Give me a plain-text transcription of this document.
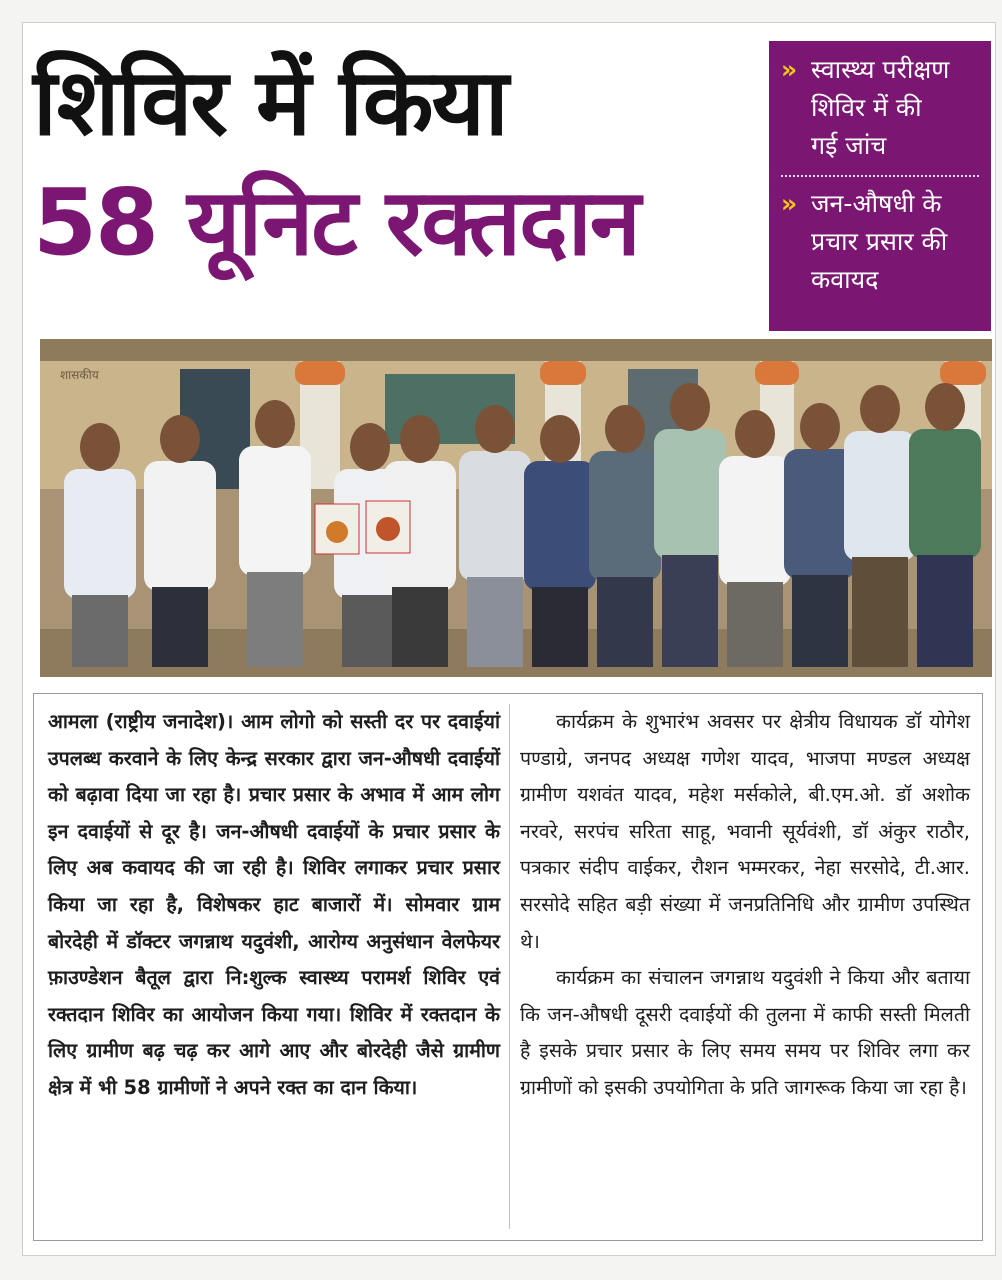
शिविर में किया
58 यूनिट रक्तदान
» स्वास्थ्य परीक्षण
शिविर में की
गई जांच
» जन-औषधी के
प्रचार प्रसार की
कवायद
शासकीय

आमला (राष्ट्रीय जनादेश)। आम लोगो को सस्ती दर पर दवाईयां उपलब्ध करवाने के लिए केन्द्र सरकार द्वारा जन-औषधी दवाईयों को बढ़ावा दिया जा रहा है। प्रचार प्रसार के अभाव में आम लोग इन दवाईयों से दूर है। जन-औषधी दवाईयों के प्रचार प्रसार के लिए अब कवायद की जा रही है। शिविर लगाकर प्रचार प्रसार किया जा रहा है, विशेषकर हाट बाजारों में। सोमवार ग्राम बोरदेही में डॉक्टर जगन्नाथ यदुवंशी, आरोग्य अनुसंधान वेलफेयर फ़ाउण्डेशन बैतूल द्वारा नि:शुल्क स्वास्थ्य परामर्श शिविर एवं रक्तदान शिविर का आयोजन किया गया। शिविर में रक्तदान के लिए ग्रामीण बढ़ चढ़ कर आगे आए और बोरदेही जैसे ग्रामीण क्षेत्र में भी 58 ग्रामीणों ने अपने रक्त का दान किया।

कार्यक्रम के शुभारंभ अवसर पर क्षेत्रीय विधायक डॉ योगेश पण्डाग्रे, जनपद अध्यक्ष गणेश यादव, भाजपा मण्डल अध्यक्ष ग्रामीण यशवंत यादव, महेश मर्सकोले, बी.एम.ओ. डॉ अशोक नरवरे, सरपंच सरिता साहू, भवानी सूर्यवंशी, डॉ अंकुर राठौर, पत्रकार संदीप वाईकर, रौशन भम्मरकर, नेहा सरसोदे, टी.आर. सरसोदे सहित बड़ी संख्या में जनप्रतिनिधि और ग्रामीण उपस्थित थे।

कार्यक्रम का संचालन जगन्नाथ यदुवंशी ने किया और बताया कि जन-औषधी दूसरी दवाईयों की तुलना में काफी सस्ती मिलती है इसके प्रचार प्रसार के लिए समय समय पर शिविर लगा कर ग्रामीणों को इसकी उपयोगिता के प्रति जागरूक किया जा रहा है।
